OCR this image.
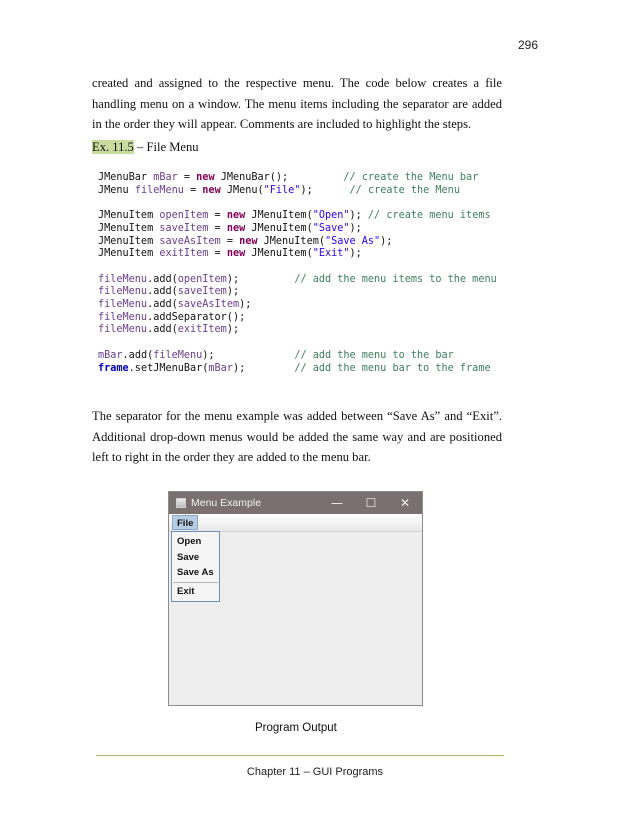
296

created and assigned to the respective menu. The code below creates a file handling menu on a window. The menu items including the separator are added in the order they will appear. Comments are included to highlight the steps.

Ex. 11.5 – File Menu

JMenuBar mBar = new JMenuBar();	// create the Menu bar
JMenu fileMenu = new JMenu("File");	// create the Menu

JMenuItem openItem = new JMenuItem("Open"); // create menu items
JMenuItem saveItem = new JMenuItem("Save");
JMenuItem saveAsItem = new JMenuItem("Save As");
JMenuItem exitItem = new JMenuItem("Exit");

fileMenu.add(openItem);	// add the menu items to the menu
fileMenu.add(saveItem);
fileMenu.add(saveAsItem);
fileMenu.addSeparator();
fileMenu.add(exitItem);

mBar.add(fileMenu);	// add the menu to the bar
frame.setJMenuBar(mBar);	// add the menu bar to the frame

The separator for the menu example was added between “Save As” and “Exit”. Additional drop-down menus would be added the same way and are positioned left to right in the order they are added to the menu bar.

Menu Example	—	☐	✕
File
Open
Save
Save As
Exit
Program Output
Chapter 11 – GUI Programs
